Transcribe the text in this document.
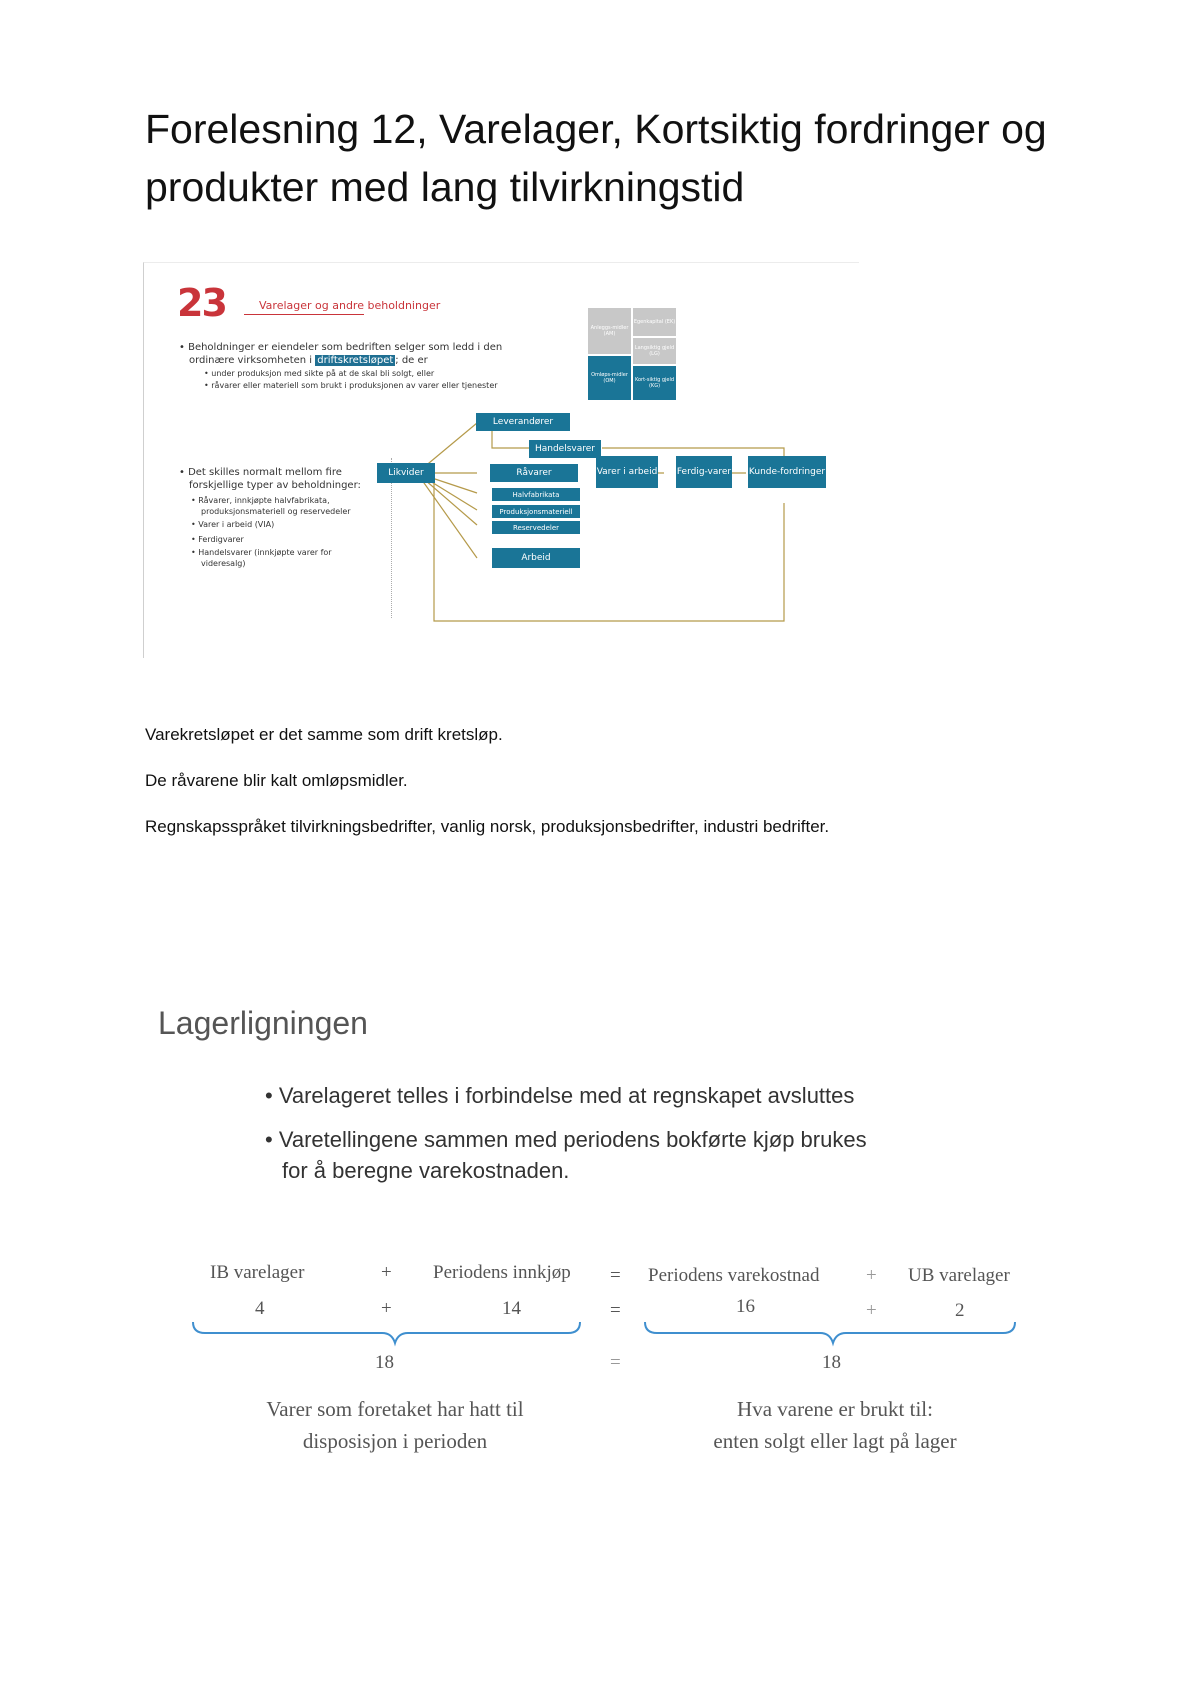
Forelesning 12, Varelager, Kortsiktig fordringer og produkter med lang tilvirkningstid
23	Varelager og andre beholdninger
• Beholdninger er eiendeler som bedriften selger som ledd i den
ordinære virksomheten i driftskretsløpet ; de er
• under produksjon med sikte på at de skal bli solgt, eller
• råvarer eller materiell som brukt i produksjonen av varer eller tjenester
Anleggs-midler (AM)
Egenkapital (EK)
Langsiktig gjeld (LG)
Omløps-midler (OM)	Kort-siktig gjeld (KG)
• Det skilles normalt mellom fire
forskjellige typer av beholdninger:
• Råvarer, innkjøpte halvfabrikata,
produksjonsmateriell og reservedeler
• Varer i arbeid (VIA)
• Ferdigvarer
• Handelsvarer (innkjøpte varer for
videresalg)
Leverandører
Handelsvarer
Likvider	Råvarer
Halvfabrikata
Produksjonsmateriell
Reservedeler
Arbeid
Varer i arbeid Ferdig-varer Kunde-fordringer
Varekretsløpet er det samme som drift kretsløp.
De råvarene blir kalt omløpsmidler.
Regnskapsspråket tilvirkningsbedrifter, vanlig norsk, produksjonsbedrifter, industri bedrifter.
Lagerligningen
• Varelageret telles i forbindelse med at regnskapet avsluttes
• Varetellingene sammen med periodens bokførte kjøp brukes
for å beregne varekostnaden.
IB varelager	+ Periodens innkjøp = Periodens varekostnad + UB varelager
4	+	14	=	16	+	2
18	=	18
Varer som foretaket har hatt til
disposisjon i perioden
Hva varene er brukt til:
enten solgt eller lagt på lager
